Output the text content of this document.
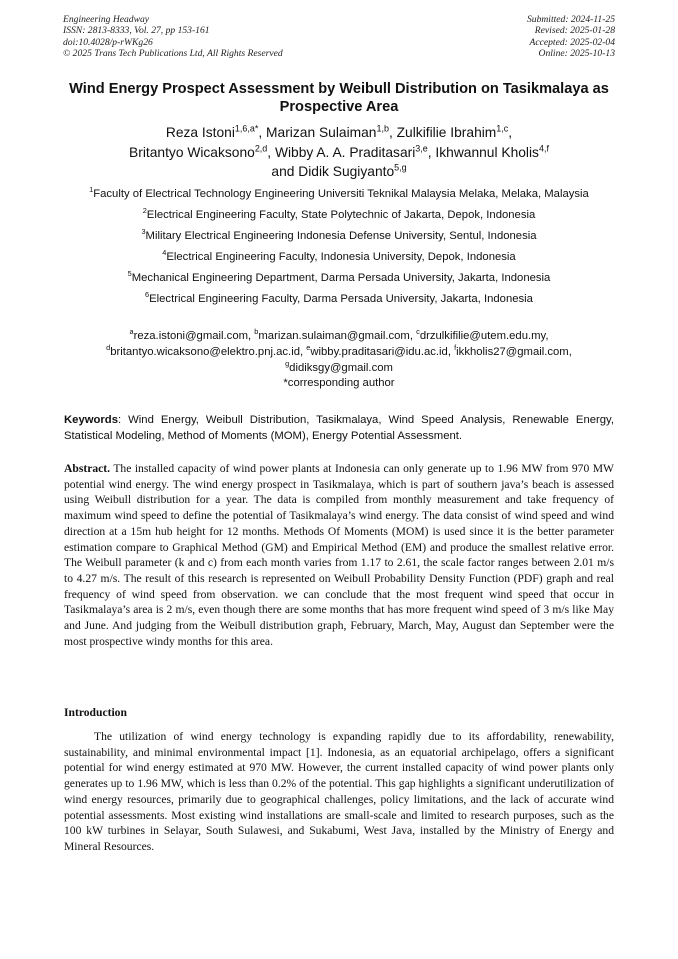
Engineering Headway
ISSN: 2813-8333, Vol. 27, pp 153-161
doi:10.4028/p-rWKg26
© 2025 Trans Tech Publications Ltd, All Rights Reserved
Submitted: 2024-11-25
Revised: 2025-01-28
Accepted: 2025-02-04
Online: 2025-10-13
Wind Energy Prospect Assessment by Weibull Distribution on Tasikmalaya as Prospective Area
Reza Istoni$^{1,6,a*}$, Marizan Sulaiman$^{1,b}$, Zulkifilie Ibrahim$^{1,c}$,
Britantyo Wicaksono$^{2,d}$, Wibby A. A. Praditasari$^{3,e}$, Ikhwannul Kholis$^{4,f}$
and Didik Sugiyanto$^{5,g}$
$^1$Faculty of Electrical Technology Engineering Universiti Teknikal Malaysia Melaka, Melaka, Malaysia
$^2$Electrical Engineering Faculty, State Polytechnic of Jakarta, Depok, Indonesia
$^3$Military Electrical Engineering Indonesia Defense University, Sentul, Indonesia
$^4$Electrical Engineering Faculty, Indonesia University, Depok, Indonesia
$^5$Mechanical Engineering Department, Darma Persada University, Jakarta, Indonesia
$^6$Electrical Engineering Faculty, Darma Persada University, Jakarta, Indonesia
$^a$reza.istoni@gmail.com, $^b$marizan.sulaiman@gmail.com, $^c$drzulkifilie@utem.edu.my,
$^d$britantyo.wicaksono@elektro.pnj.ac.id, $^e$wibby.praditasari@idu.ac.id, $^f$ikkholis27@gmail.com,
$^g$didiksgy@gmail.com
*corresponding author
Keywords: Wind Energy, Weibull Distribution, Tasikmalaya, Wind Speed Analysis, Renewable Energy, Statistical Modeling, Method of Moments (MOM), Energy Potential Assessment.
Abstract. The installed capacity of wind power plants at Indonesia can only generate up to 1.96 MW from 970 MW potential wind energy. The wind energy prospect in Tasikmalaya, which is part of southern java’s beach is assessed using Weibull distribution for a year. The data is compiled from monthly measurement and take frequency of maximum wind speed to define the potential of Tasikmalaya’s wind energy. The data consist of wind speed and wind direction at a 15m hub height for 12 months. Methods Of Moments (MOM) is used since it is the better parameter estimation compare to Graphical Method (GM) and Empirical Method (EM) and produce the smallest relative error. The Weibull parameter (k and c) from each month varies from 1.17 to 2.61, the scale factor ranges between 2.01 m/s to 4.27 m/s. The result of this research is represented on Weibull Probability Density Function (PDF) graph and real frequency of wind speed from observation. we can conclude that the most frequent wind speed that occur in Tasikmalaya’s area is 2 m/s, even though there are some months that has more frequent wind speed of 3 m/s like May and June. And judging from the Weibull distribution graph, February, March, May, August dan September were the most prospective windy months for this area.
Introduction
The utilization of wind energy technology is expanding rapidly due to its affordability, renewability, sustainability, and minimal environmental impact [1]. Indonesia, as an equatorial archipelago, offers a significant potential for wind energy estimated at 970 MW. However, the current installed capacity of wind power plants only generates up to 1.96 MW, which is less than 0.2% of the potential. This gap highlights a significant underutilization of wind energy resources, primarily due to geographical challenges, policy limitations, and the lack of accurate wind potential assessments. Most existing wind installations are small-scale and limited to research purposes, such as the 100 kW turbines in Selayar, South Sulawesi, and Sukabumi, West Java, installed by the Ministry of Energy and Mineral Resources.
